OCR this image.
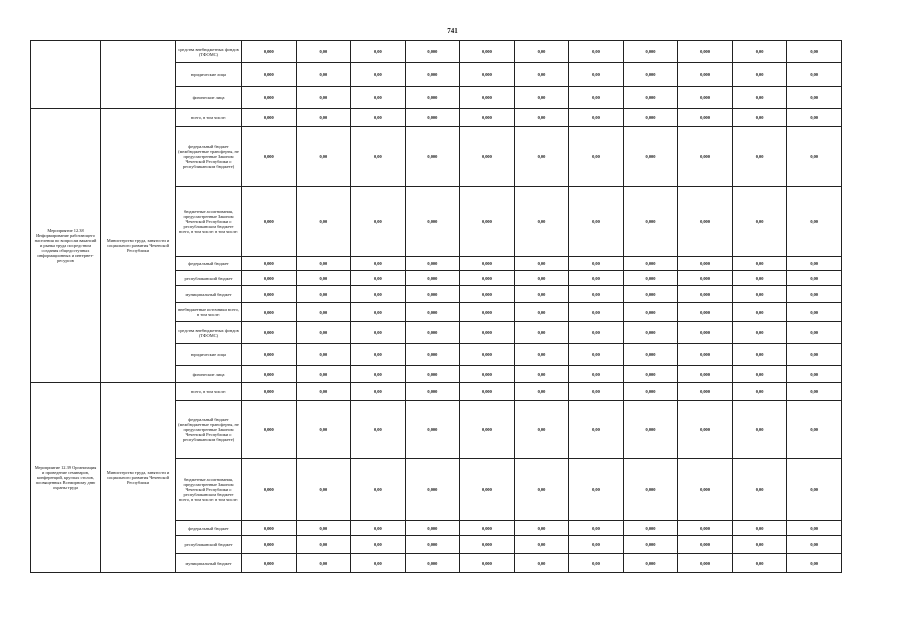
741
		средства внебюджетных фондов (ТФОМС)	0,000	0,00	0,00	0,000	0,000	0,00	0,00	0,000	0,000	0,00	0,00
		юридические лица	0,000	0,00	0,00	0,000	0,000	0,00	0,00	0,000	0,000	0,00	0,00
		физические лица	0,000	0,00	0,00	0,000	0,000	0,00	0,00	0,000	0,000	0,00	0,00
Мероприятие 12.38 Информирование работающего населения по вопросам вакансий и рынка труда посредством создания общедоступных информационных и интернет-ресурсов	Министерство труда, занятости и социального развития Чеченской Республики	всего, в том числе:	0,000	0,00	0,00	0,000	0,000	0,00	0,00	0,000	0,000	0,00	0,00
		федеральный бюджет (межбюджетные трансферты, не предусмотренные Законом Чеченской Республики о республиканском бюджете)	0,000	0,00	0,00	0,000	0,000	0,00	0,00	0,000	0,000	0,00	0,00
		бюджетные ассигнования, предусмотренные Законом Чеченской Республики о республиканском бюджете всего, в том числе: в том числе:	0,000	0,00	0,00	0,000	0,000	0,00	0,00	0,000	0,000	0,00	0,00
		федеральный бюджет	0,000	0,00	0,00	0,000	0,000	0,00	0,00	0,000	0,000	0,00	0,00
		республиканский бюджет	0,000	0,00	0,00	0,000	0,000	0,00	0,00	0,000	0,000	0,00	0,00
		муниципальный бюджет	0,000	0,00	0,00	0,000	0,000	0,00	0,00	0,000	0,000	0,00	0,00
		внебюджетные источники всего, в том числе:	0,000	0,00	0,00	0,000	0,000	0,00	0,00	0,000	0,000	0,00	0,00
		средства внебюджетных фондов (ТФОМС)	0,000	0,00	0,00	0,000	0,000	0,00	0,00	0,000	0,000	0,00	0,00
		юридические лица	0,000	0,00	0,00	0,000	0,000	0,00	0,00	0,000	0,000	0,00	0,00
		физические лица	0,000	0,00	0,00	0,000	0,000	0,00	0,00	0,000	0,000	0,00	0,00
Мероприятие 12.39 Организация и проведение семинаров, конференций, круглых столов, посвященных Всемирному дню охраны труда	Министерство труда, занятости и социального развития Чеченской Республики	всего, в том числе:	0,000	0,00	0,00	0,000	0,000	0,00	0,00	0,000	0,000	0,00	0,00
		федеральный бюджет (межбюджетные трансферты, не предусмотренные Законом Чеченской Республики о республиканском бюджете)	0,000	0,00	0,00	0,000	0,000	0,00	0,00	0,000	0,000	0,00	0,00
		бюджетные ассигнования, предусмотренные Законом Чеченской Республики о республиканском бюджете всего, в том числе: в том числе:	0,000	0,00	0,00	0,000	0,000	0,00	0,00	0,000	0,000	0,00	0,00
		федеральный бюджет	0,000	0,00	0,00	0,000	0,000	0,00	0,00	0,000	0,000	0,00	0,00
		республиканский бюджет	0,000	0,00	0,00	0,000	0,000	0,00	0,00	0,000	0,000	0,00	0,00
		муниципальный бюджет	0,000	0,00	0,00	0,000	0,000	0,00	0,00	0,000	0,000	0,00	0,00
